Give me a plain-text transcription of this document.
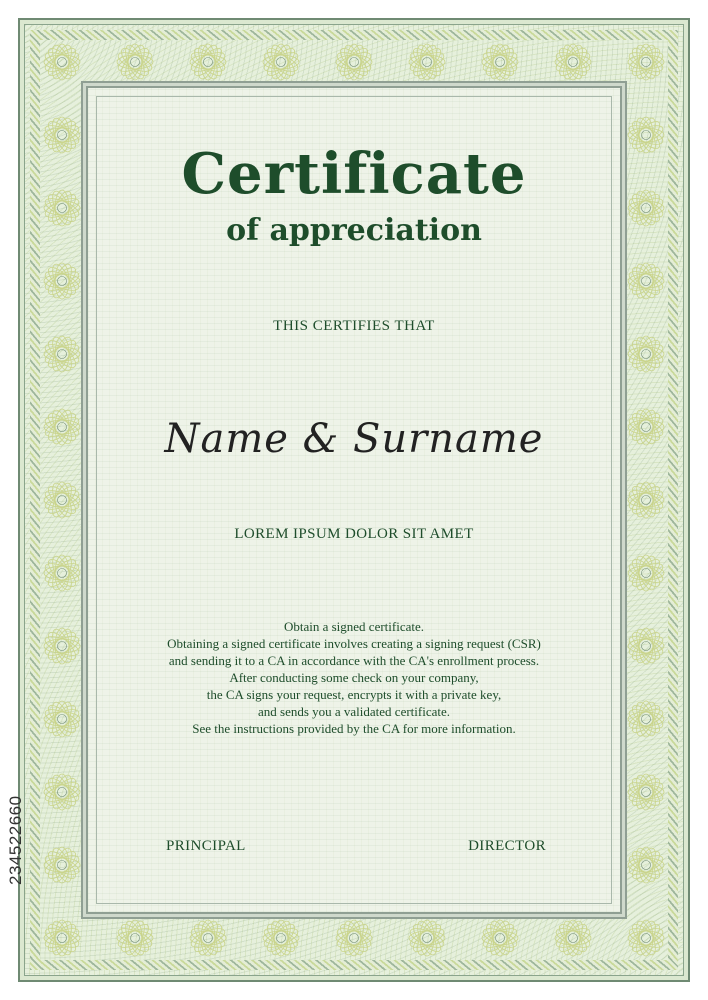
Certificate
of appreciation
THIS CERTIFIES THAT
Name & Surname
LOREM IPSUM DOLOR SIT AMET
Obtain a signed certificate.
Obtaining a signed certificate involves creating a signing request (CSR)
and sending it to a CA in accordance with the CA's enrollment process.
After conducting some check on your company,
the CA signs your request, encrypts it with a private key,
and sends you a validated certificate.
See the instructions provided by the CA for more information.
PRINCIPAL	DIRECTOR
234522660
